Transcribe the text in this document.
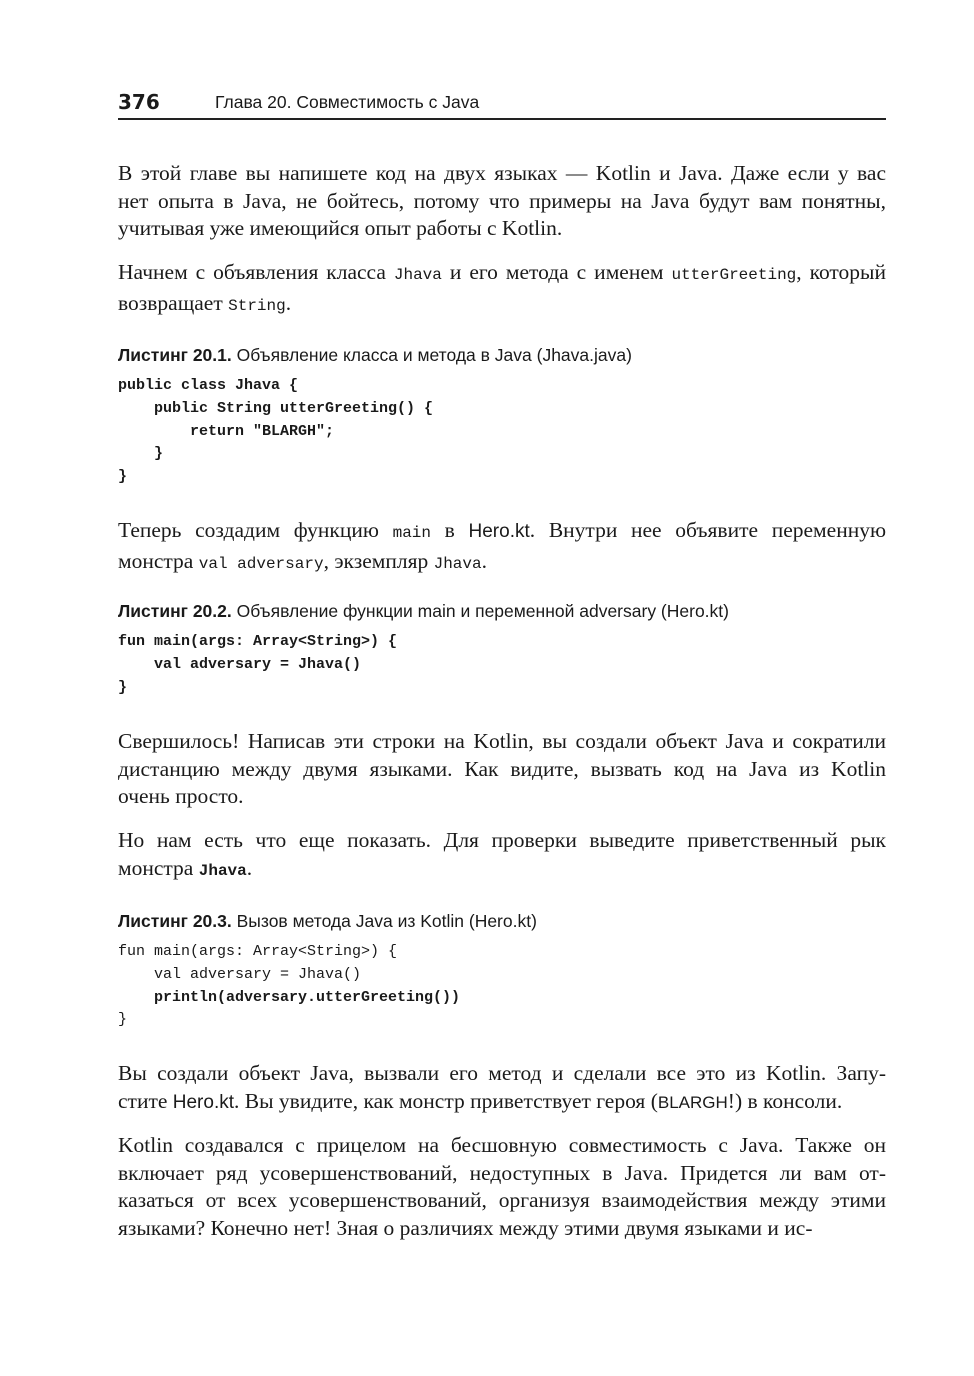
376	Глава 20. Совместимость с Java
В этой главе вы напишете код на двух языках — Kotlin и Java. Даже если у вас
нет опыта в Java, не бойтесь, потому что примеры на Java будут вам понятны,
учитывая уже имеющийся опыт работы с Kotlin.
Начнем с объявления класса Jhava и его метода с именем utterGreeting, который
возвращает String.
Листинг 20.1. Объявление класса и метода в Java (Jhava.java)
public class Jhava {
public String utterGreeting() {
return "BLARGH";
}
}
Теперь создадим функцию main в Hero.kt. Внутри нее объявите переменную
монстра val adversary, экземпляр Jhava.
Листинг 20.2. Объявление функции main и переменной adversary (Hero.kt)
fun main(args: Array<String>) {
val adversary = Jhava()
}
Свершилось! Написав эти строки на Kotlin, вы создали объект Java и сократили
дистанцию между двумя языками. Как видите, вызвать код на Java из Kotlin
очень просто.
Но нам есть что еще показать. Для проверки выведите приветственный рык
монстра Jhava.
Листинг 20.3. Вызов метода Java из Kotlin (Hero.kt)
fun main(args: Array<String>) {
val adversary = Jhava()
println(adversary.utterGreeting())
}
Вы создали объект Java, вызвали его метод и сделали все это из Kotlin. Запу-
стите Hero.kt. Вы увидите, как монстр приветствует героя (BLARGH!) в консоли.
Kotlin создавался с прицелом на бесшовную совместимость с Java. Также он
включает ряд усовершенствований, недоступных в Java. Придется ли вам от-
казаться от всех усовершенствований, организуя взаимодействия между этими
языками? Конечно нет! Зная о различиях между этими двумя языками и ис-
